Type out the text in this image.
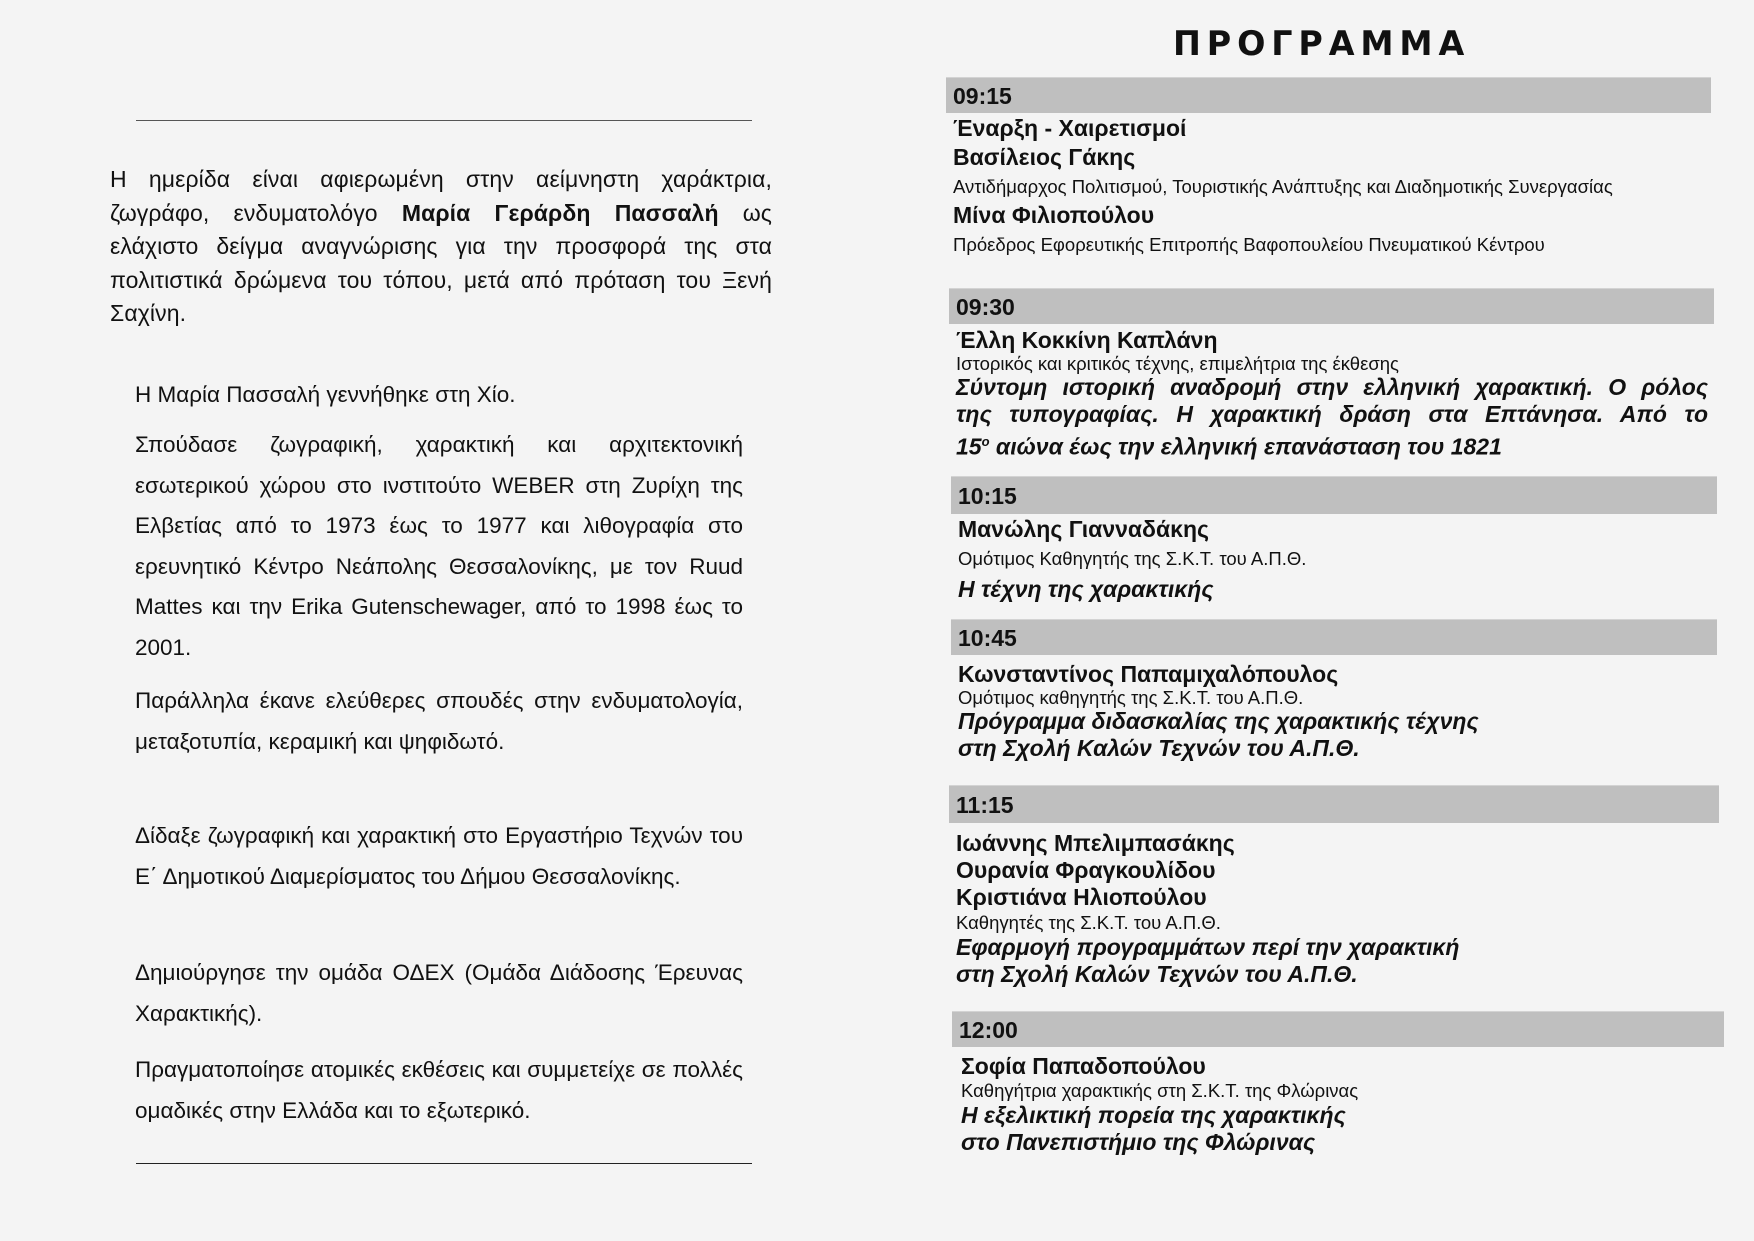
Η ημερίδα είναι αφιερωμένη στην αείμνηστη χαράκτρια, ζωγράφο, ενδυματολόγο Μαρία Γεράρδη Πασσαλή ως ελάχιστο δείγμα αναγνώρισης για την προσφορά της στα πολιτιστικά δρώμενα του τόπου, μετά από πρόταση του Ξενή Σαχίνη.

Η Μαρία Πασσαλή γεννήθηκε στη Χίο.

Σπούδασε ζωγραφική, χαρακτική και αρχιτεκτονική εσωτερικού χώρου στο ινστιτούτο WEBER στη Ζυρίχη της Ελβετίας από το 1973 έως το 1977 και λιθογραφία στο ερευνητικό Κέντρο Νεάπολης Θεσσαλονίκης, με τον Ruud Mattes και την Erika Gutenschewager, από το 1998 έως το 2001.

Παράλληλα έκανε ελεύθερες σπουδές στην ενδυματολογία, μεταξοτυπία, κεραμική και ψηφιδωτό.

Δίδαξε ζωγραφική και χαρακτική στο Εργαστήριο Τεχνών του Ε΄ Δημοτικού Διαμερίσματος του Δήμου Θεσσαλονίκης.

Δημιούργησε την ομάδα ΟΔΕΧ (Ομάδα Διάδοσης Έρευνας Χαρακτικής).

Πραγματοποίησε ατομικές εκθέσεις και συμμετείχε σε πολλές ομαδικές στην Ελλάδα και το εξωτερικό.

ΠΡΟΓΡΑΜΜΑ
09:15
Έναρξη - Χαιρετισμοί
Βασίλειος Γάκης
Αντιδήμαρχος Πολιτισμού, Τουριστικής Ανάπτυξης και Διαδημοτικής Συνεργασίας
Μίνα Φιλιοπούλου
Πρόεδρος Εφορευτικής Επιτροπής Βαφοπουλείου Πνευματικού Κέντρου
09:30
Έλλη Κοκκίνη Καπλάνη
Ιστορικός και κριτικός τέχνης, επιμελήτρια της έκθεσης
Σύντομη ιστορική αναδρομή στην ελληνική χαρακτική. Ο ρόλος
της τυπογραφίας. Η χαρακτική δράση στα Επτάνησα. Από το
$15^o$ αιώνα έως την ελληνική επανάσταση του 1821
10:15
Μανώλης Γιανναδάκης
Ομότιμος Καθηγητής της Σ.Κ.Τ. του Α.Π.Θ.
Η τέχνη της χαρακτικής
10:45
Κωνσταντίνος Παπαμιχαλόπουλος
Ομότιμος καθηγητής της Σ.Κ.Τ. του Α.Π.Θ.
Πρόγραμμα διδασκαλίας της χαρακτικής τέχνης
στη Σχολή Καλών Τεχνών του Α.Π.Θ.
11:15
Ιωάννης Μπελιμπασάκης
Ουρανία Φραγκουλίδου
Κριστιάνα Ηλιοπούλου
Καθηγητές της Σ.Κ.Τ. του Α.Π.Θ.
Εφαρμογή προγραμμάτων περί την χαρακτική
στη Σχολή Καλών Τεχνών του Α.Π.Θ.
12:00
Σοφία Παπαδοπούλου
Καθηγήτρια χαρακτικής στη Σ.Κ.Τ. της Φλώρινας
Η εξελικτική πορεία της χαρακτικής
στο Πανεπιστήμιο της Φλώρινας
